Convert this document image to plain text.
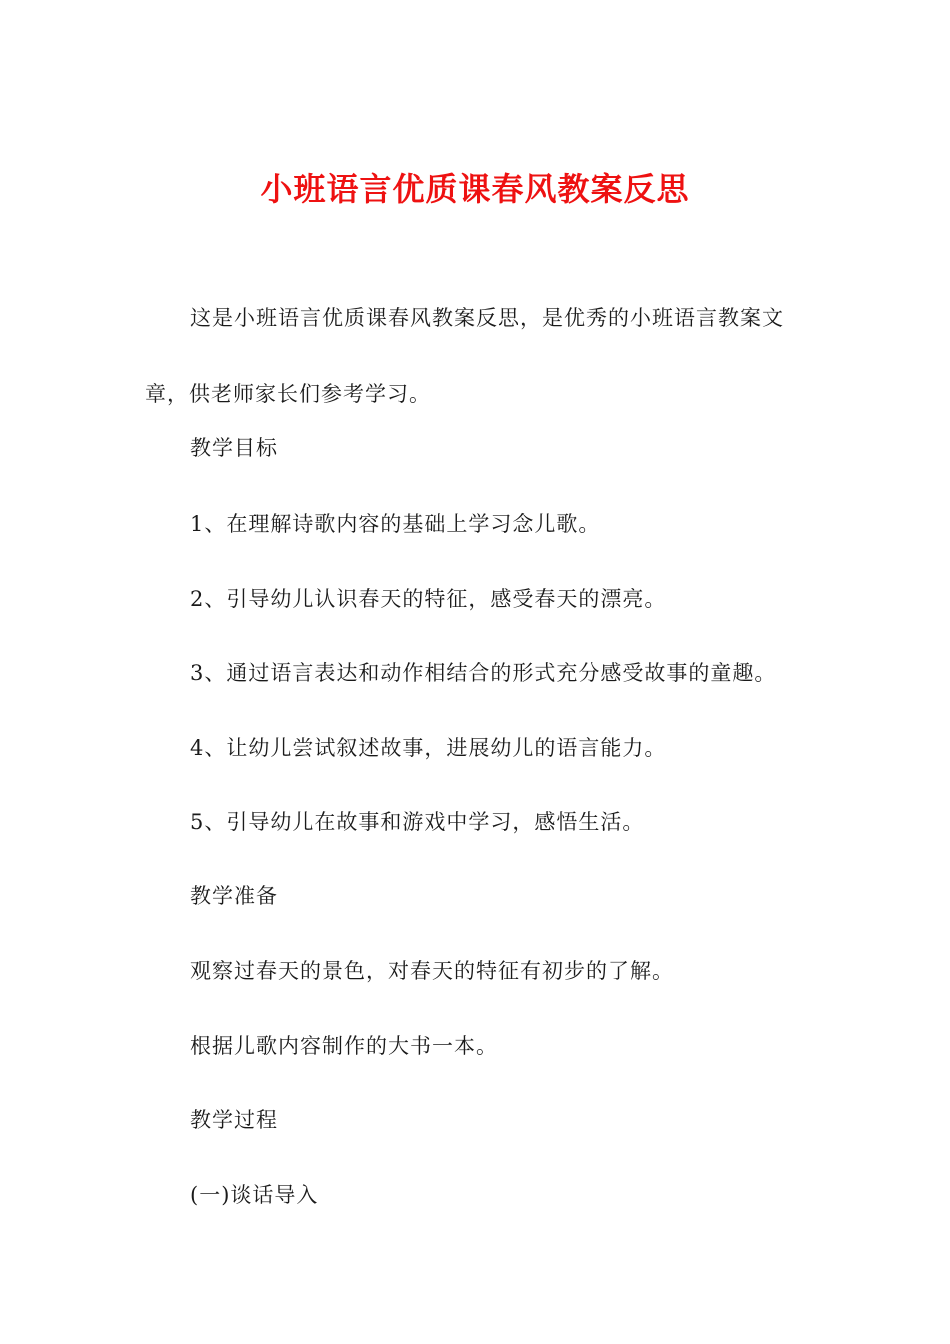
小班语言优质课春风教案反思

这是小班语言优质课春风教案反思，是优秀的小班语言教案文章，供老师家长们参考学习。

教学目标

1、在理解诗歌内容的基础上学习念儿歌。

2、引导幼儿认识春天的特征，感受春天的漂亮。

3、通过语言表达和动作相结合的形式充分感受故事的童趣。

4、让幼儿尝试叙述故事，进展幼儿的语言能力。

5、引导幼儿在故事和游戏中学习，感悟生活。

教学准备

观察过春天的景色，对春天的特征有初步的了解。

根据儿歌内容制作的大书一本。

教学过程

(一)谈话导入
